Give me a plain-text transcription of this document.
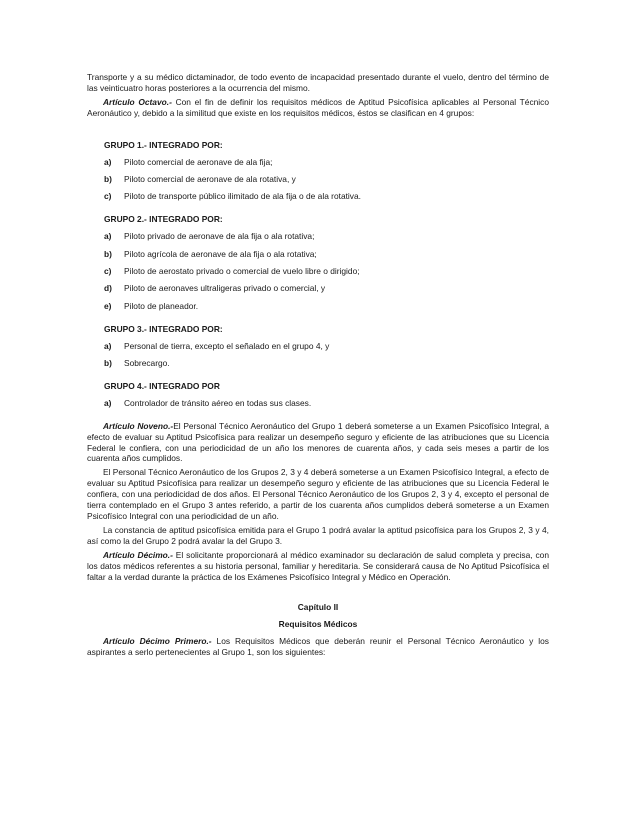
Transporte y a su médico dictaminador, de todo evento de incapacidad presentado durante el vuelo, dentro del término de las veinticuatro horas posteriores a la ocurrencia del mismo.

Artículo Octavo.- Con el fin de definir los requisitos médicos de Aptitud Psicofísica aplicables al Personal Técnico Aeronáutico y, debido a la similitud que existe en los requisitos médicos, éstos se clasifican en 4 grupos:

GRUPO 1.- INTEGRADO POR:
a)	Piloto comercial de aeronave de ala fija;
b)	Piloto comercial de aeronave de ala rotativa, y
c)	Piloto de transporte público ilimitado de ala fija o de ala rotativa.
GRUPO 2.- INTEGRADO POR:
a)	Piloto privado de aeronave de ala fija o ala rotativa;
b)	Piloto agrícola de aeronave de ala fija o ala rotativa;
c)	Piloto de aerostato privado o comercial de vuelo libre o dirigido;
d)	Piloto de aeronaves ultraligeras privado o comercial, y
e)	Piloto de planeador.
GRUPO 3.- INTEGRADO POR:
a)	Personal de tierra, excepto el señalado en el grupo 4, y
b)	Sobrecargo.
GRUPO 4.- INTEGRADO POR
a)	Controlador de tránsito aéreo en todas sus clases.

Artículo Noveno.-El Personal Técnico Aeronáutico del Grupo 1 deberá someterse a un Examen Psicofísico Integral, a efecto de evaluar su Aptitud Psicofísica para realizar un desempeño seguro y eficiente de las atribuciones que su Licencia Federal le confiera, con una periodicidad de un año los menores de cuarenta años, y cada seis meses a partir de los cuarenta años cumplidos.

El Personal Técnico Aeronáutico de los Grupos 2, 3 y 4 deberá someterse a un Examen Psicofísico Integral, a efecto de evaluar su Aptitud Psicofísica para realizar un desempeño seguro y eficiente de las atribuciones que su Licencia Federal le confiera, con una periodicidad de dos años. El Personal Técnico Aeronáutico de los Grupos 2, 3 y 4, excepto el personal de tierra contemplado en el Grupo 3 antes referido, a partir de los cuarenta años cumplidos deberá someterse a un Examen Psicofísico Integral con una periodicidad de un año.

La constancia de aptitud psicofísica emitida para el Grupo 1 podrá avalar la aptitud psicofísica para los Grupos 2, 3 y 4, así como la del Grupo 2 podrá avalar la del Grupo 3.

Artículo Décimo.- El solicitante proporcionará al médico examinador su declaración de salud completa y precisa, con los datos médicos referentes a su historia personal, familiar y hereditaria. Se considerará causa de No Aptitud Psicofísica el faltar a la verdad durante la práctica de los Exámenes Psicofísico Integral y Médico en Operación.

Capítulo II
Requisitos Médicos

Artículo Décimo Primero.- Los Requisitos Médicos que deberán reunir el Personal Técnico Aeronáutico y los aspirantes a serlo pertenecientes al Grupo 1, son los siguientes:
